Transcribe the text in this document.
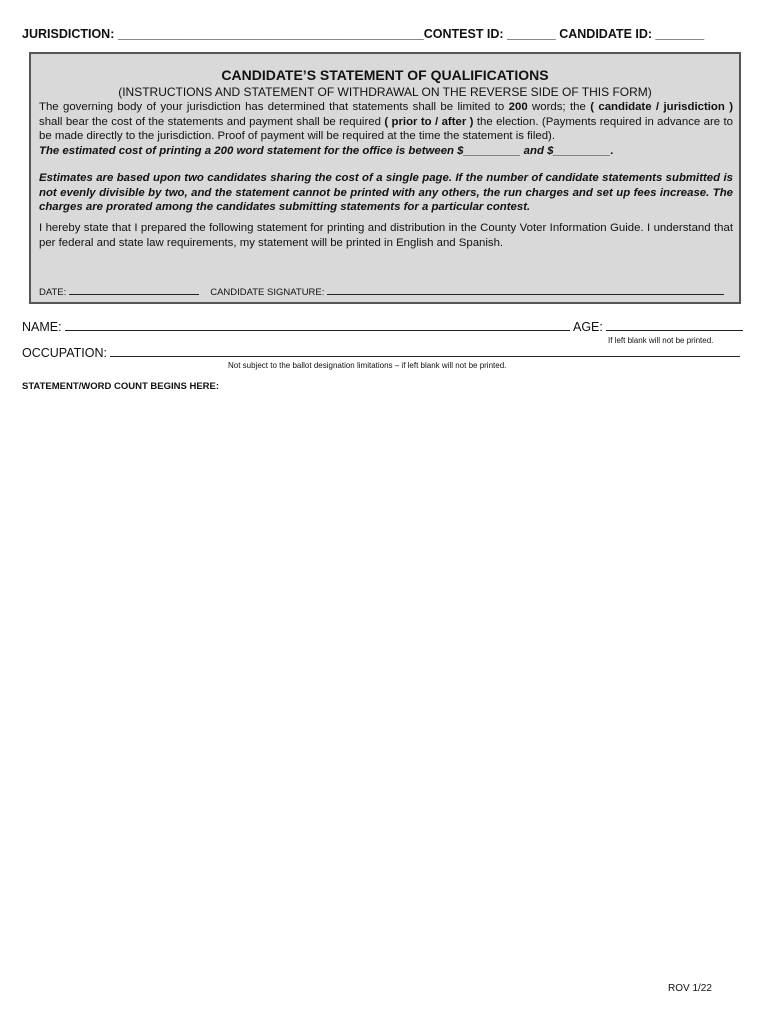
JURISDICTION: ____________________________________________CONTEST ID: _______ CANDIDATE ID: _______
CANDIDATE’S STATEMENT OF QUALIFICATIONS
(INSTRUCTIONS AND STATEMENT OF WITHDRAWAL ON THE REVERSE SIDE OF THIS FORM)
The governing body of your jurisdiction has determined that statements shall be limited to 200 words; the ( candidate / jurisdiction ) shall bear the cost of the statements and payment shall be required ( prior to / after ) the election. (Payments required in advance are to be made directly to the jurisdiction. Proof of payment will be required at the time the statement is filed).
The estimated cost of printing a 200 word statement for the office is between $_________ and $_________.
Estimates are based upon two candidates sharing the cost of a single page. If the number of candidate statements submitted is not evenly divisible by two, and the statement cannot be printed with any others, the run charges and set up fees increase. The charges are prorated among the candidates submitting statements for a particular contest.
I hereby state that I prepared the following statement for printing and distribution in the County Voter Information Guide. I understand that per federal and state law requirements, my statement will be printed in English and Spanish.
DATE:	CANDIDATE SIGNATURE:
NAME:	AGE:
If left blank will not be printed.
OCCUPATION:
Not subject to the ballot designation limitations – if left blank will not be printed.
STATEMENT/WORD COUNT BEGINS HERE:
ROV 1/22
